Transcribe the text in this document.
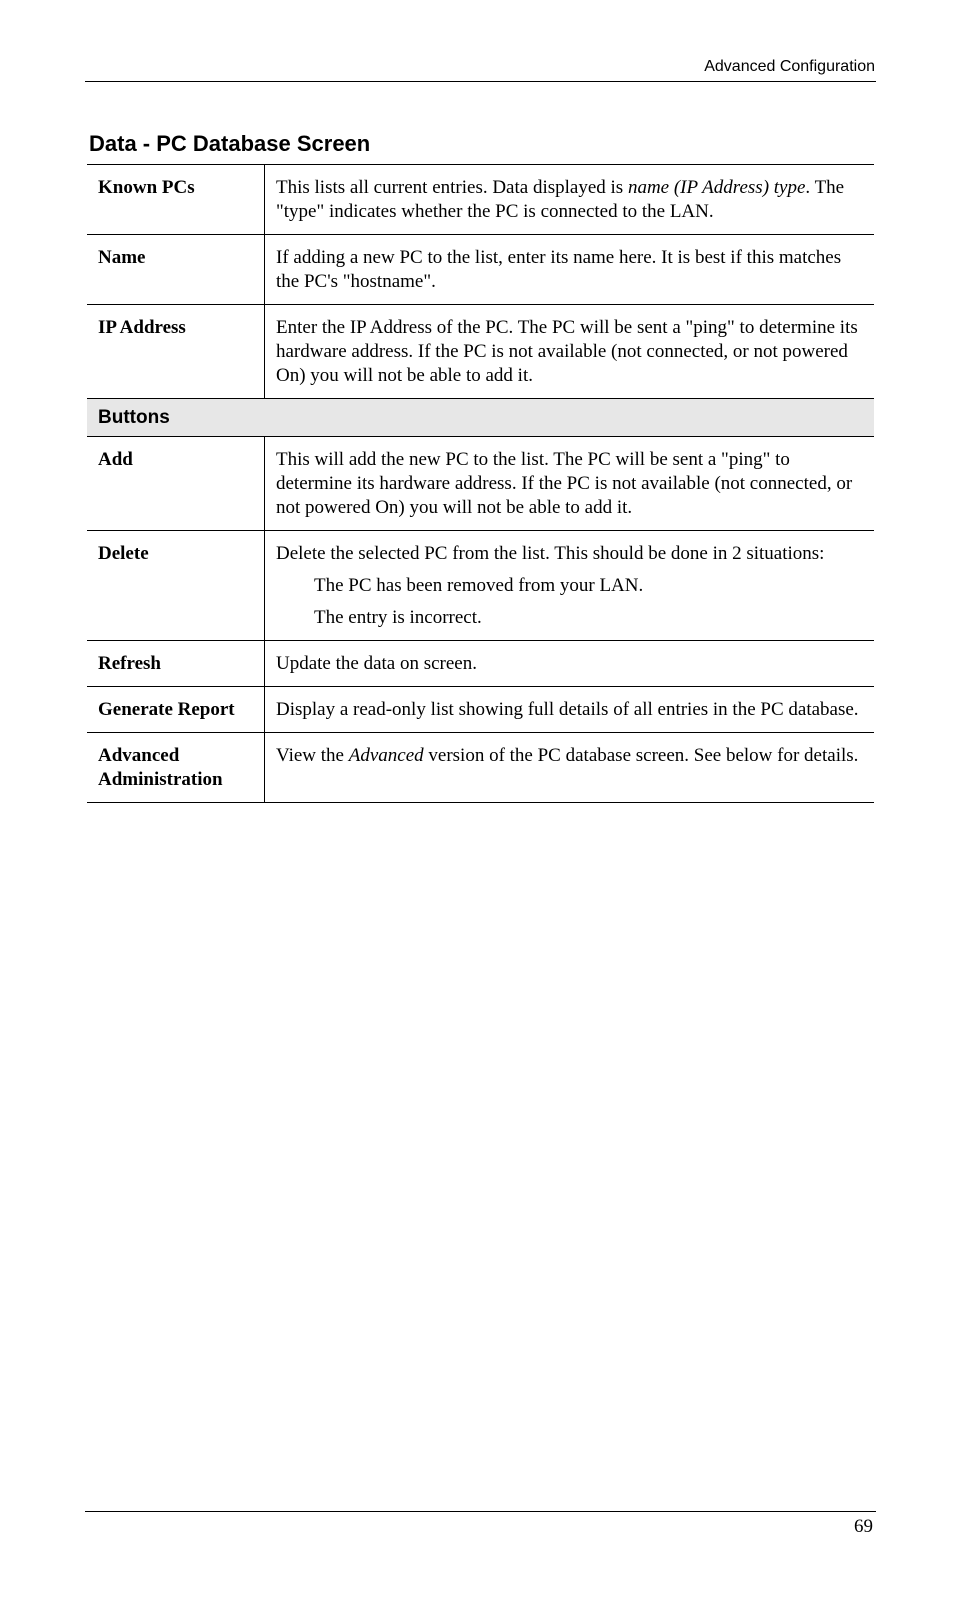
Advanced Configuration
Data - PC Database Screen
Known PCs	This lists all current entries. Data displayed is name (IP Address) type. The "type" indicates whether the PC is connected to the LAN.
Name	If adding a new PC to the list, enter its name here. It is best if this matches the PC's "hostname".
IP Address	Enter the IP Address of the PC. The PC will be sent a "ping" to determine its hardware address. If the PC is not available (not connected, or not powered On) you will not be able to add it.
Buttons	
Add	This will add the new PC to the list. The PC will be sent a "ping" to determine its hardware address. If the PC is not available (not connected, or not powered On) you will not be able to add it.
Delete	Delete the selected PC from the list. This should be done in 2 situations:
The PC has been removed from your LAN.
The entry is incorrect.

Refresh	Update the data on screen.
Generate Report	Display a read-only list showing full details of all entries in the PC database.
Advanced Administration	View the Advanced version of the PC database screen. See below for details.
69
